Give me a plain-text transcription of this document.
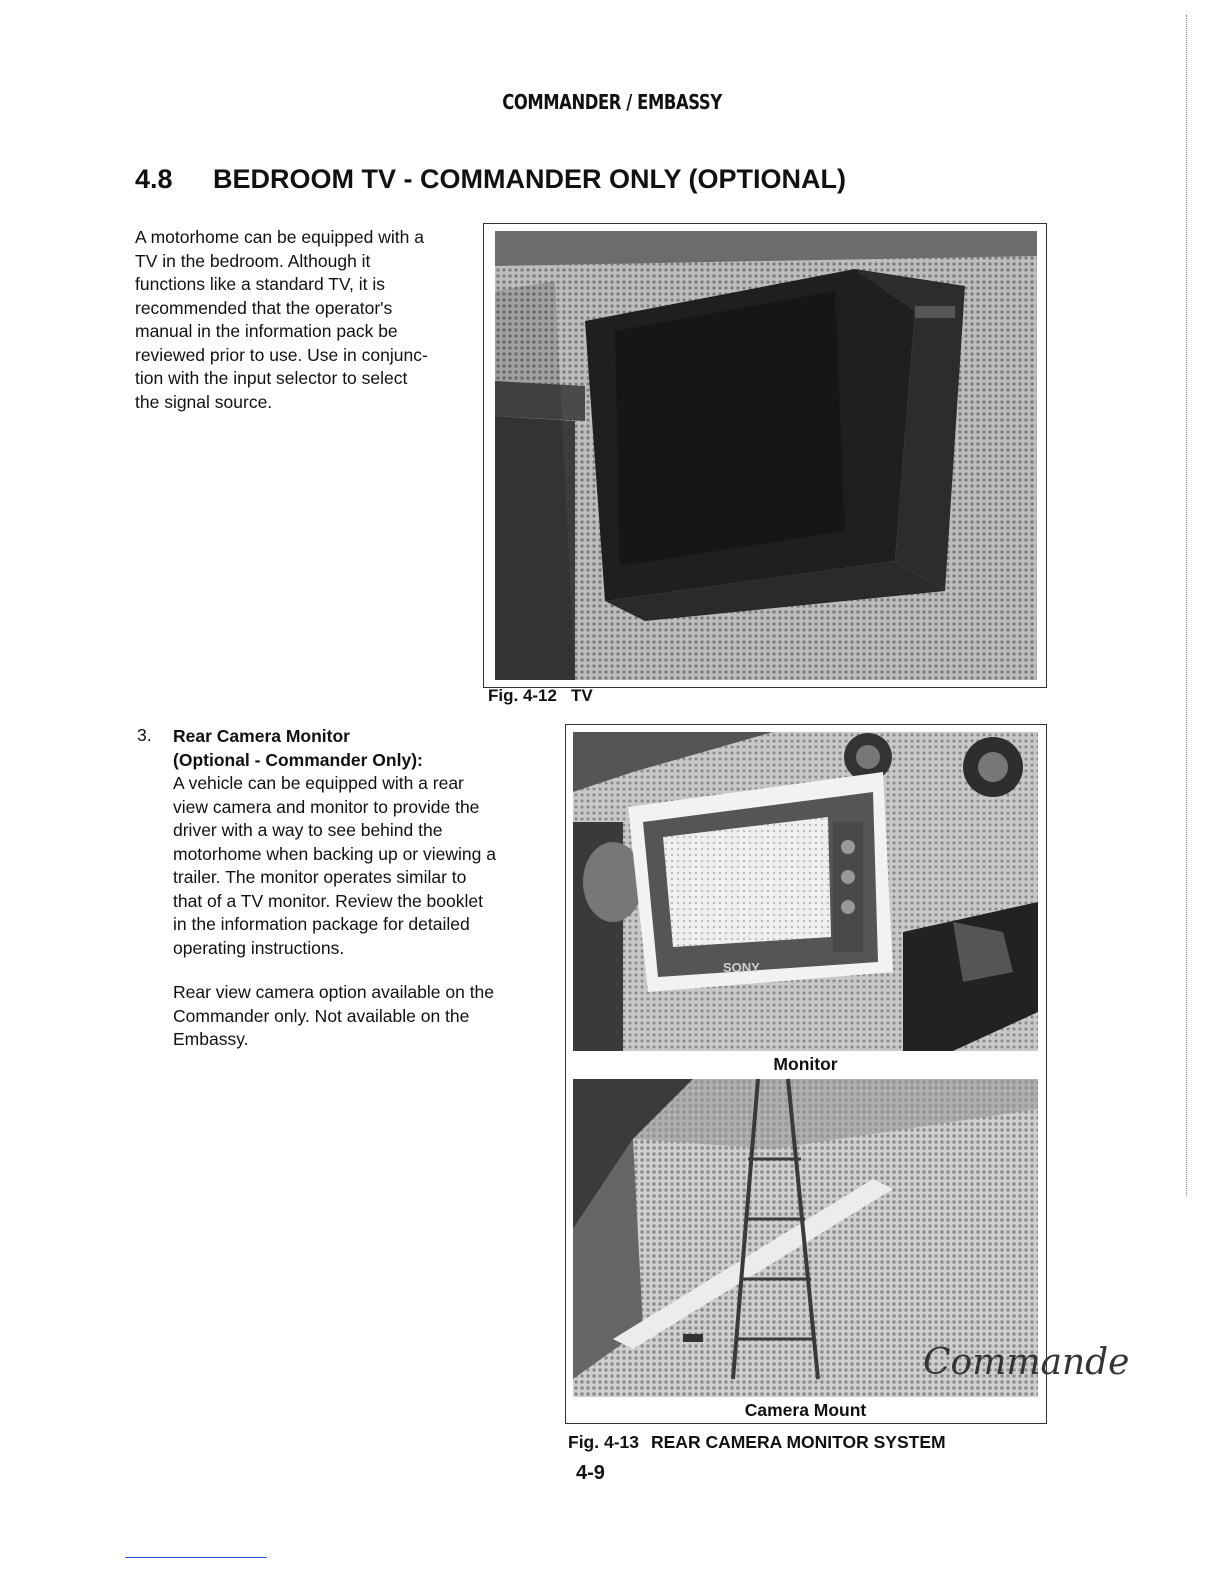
COMMANDER / EMBASSY
4.8 BEDROOM TV - COMMANDER ONLY (OPTIONAL)
A motorhome can be equipped with a
TV in the bedroom. Although it
functions like a standard TV, it is
recommended that the operator's
manual in the information pack be
reviewed prior to use. Use in conjunc-
tion with the input selector to select
the signal source.
Fig. 4-12 TV
3. Rear Camera Monitor
(Optional - Commander Only):
A vehicle can be equipped with a rear
view camera and monitor to provide the
driver with a way to see behind the
motorhome when backing up or viewing a
trailer. The monitor operates similar to
that of a TV monitor. Review the booklet
in the information package for detailed
operating instructions.
Rear view camera option available on the
Commander only. Not available on the
Embassy.
SONY
Monitor
Commande
Camera Mount
Fig. 4-13 REAR CAMERA MONITOR SYSTEM
4-9
